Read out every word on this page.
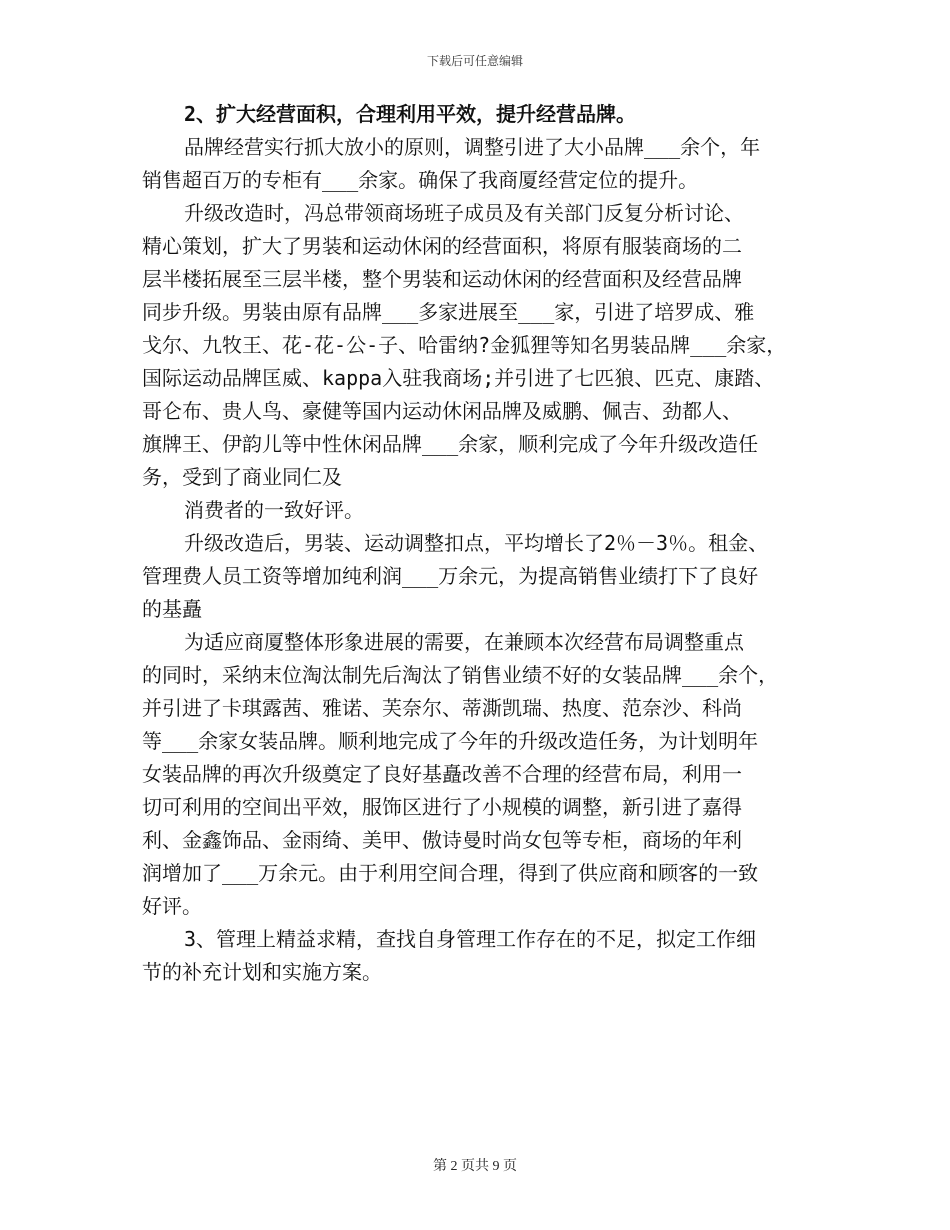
下载后可任意编辑
2、扩大经营面积，合理利用平效，提升经营品牌。
品牌经营实行抓大放小的原则，调整引进了大小品牌___余个，年
销售超百万的专柜有___余家。确保了我商厦经营定位的提升。
升级改造时，冯总带领商场班子成员及有关部门反复分析讨论、
精心策划，扩大了男装和运动休闲的经营面积，将原有服装商场的二
层半楼拓展至三层半楼，整个男装和运动休闲的经营面积及经营品牌
同步升级。男装由原有品牌___多家进展至___家，引进了培罗成、雅
戈尔、九牧王、花-花-公-子、哈雷纳?金狐狸等知名男装品牌___余家，
国际运动品牌匡威、kappa入驻我商场;并引进了七匹狼、匹克、康踏、
哥仑布、贵人鸟、豪健等国内运动休闲品牌及威鹏、佩吉、劲都人、
旗牌王、伊韵儿等中性休闲品牌___余家，顺利完成了今年升级改造任
务，受到了商业同仁及
消费者的一致好评。
升级改造后，男装、运动调整扣点，平均增长了2％－3％。租金、
管理费人员工资等增加纯利润___万余元，为提高销售业绩打下了良好
的基矗
为适应商厦整体形象进展的需要，在兼顾本次经营布局调整重点
的同时，采纳末位淘汰制先后淘汰了销售业绩不好的女装品牌___余个，
并引进了卡琪露茜、雅诺、芙奈尔、蒂澌凯瑞、热度、范奈沙、科尚
等___余家女装品牌。顺利地完成了今年的升级改造任务，为计划明年
女装品牌的再次升级奠定了良好基矗改善不合理的经营布局，利用一
切可利用的空间出平效，服饰区进行了小规模的调整，新引进了嘉得
利、金鑫饰品、金雨绮、美甲、傲诗曼时尚女包等专柜，商场的年利
润增加了___万余元。由于利用空间合理，得到了供应商和顾客的一致
好评。
3、管理上精益求精，查找自身管理工作存在的不足，拟定工作细
节的补充计划和实施方案。
第 2 页共 9 页
